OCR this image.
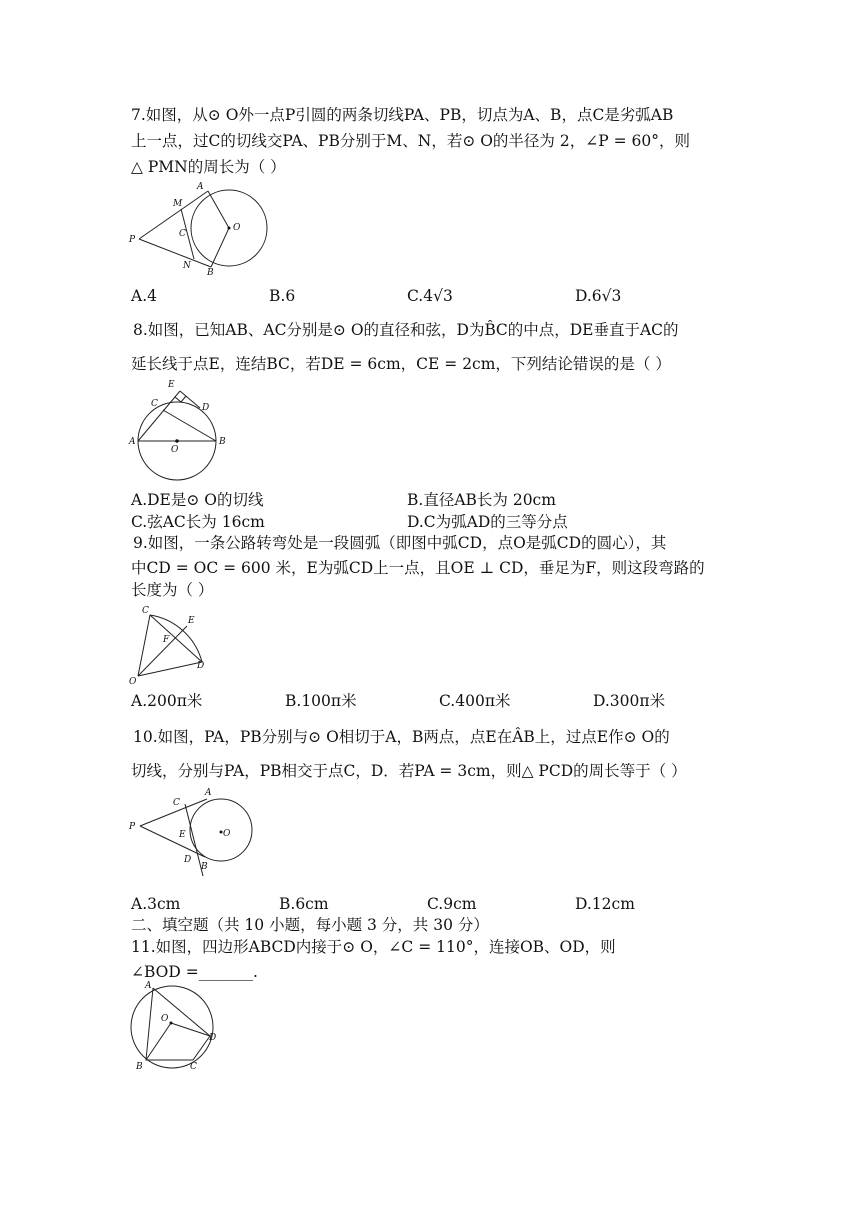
7.如图，从⊙ O外一点P引圆的两条切线PA、PB，切点为A、B，点C是劣弧AB
上一点，过C的切线交PA、PB分别于M、N，若⊙ O的半径为 2，∠P = 60°，则
△ PMN的周长为（ ）
A
M
P
C
O
N
B
A.4	B.6	C.4√3	D.6√3
8.如图，已知AB、AC分别是⊙ O的直径和弦，D为B̂C的中点，DE垂直于AC的
延长线于点E，连结BC，若DE = 6cm，CE = 2cm，下列结论错误的是（ ）
E
C	D
A
O
B
A.DE是⊙ O的切线	B.直径AB长为 20cm
C.弦AC长为 16cm	D.C为弧AD的三等分点
9.如图，一条公路转弯处是一段圆弧（即图中弧CD，点O是弧CD的圆心），其
中CD = OC = 600 米，E为弧CD上一点，且OE ⊥ CD，垂足为F，则这段弯路的
长度为（ ）
C
E
F
D
O
A.200π米	B.100π米	C.400π米	D.300π米
10.如图，PA，PB分别与⊙ O相切于A，B两点，点E在ÂB上，过点E作⊙ O的
切线，分别与PA，PB相交于点C，D．若PA = 3cm，则△ PCD的周长等于（ ）
C
A
P
E	O
D
B
A.3cm	B.6cm	C.9cm	D.12cm
二、填空题（共 10 小题，每小题 3 分，共 30 分）
11.如图，四边形ABCD内接于⊙ O，∠C = 110°，连接OB、OD，则
∠BOD =_______.
A
O
D
B	C
